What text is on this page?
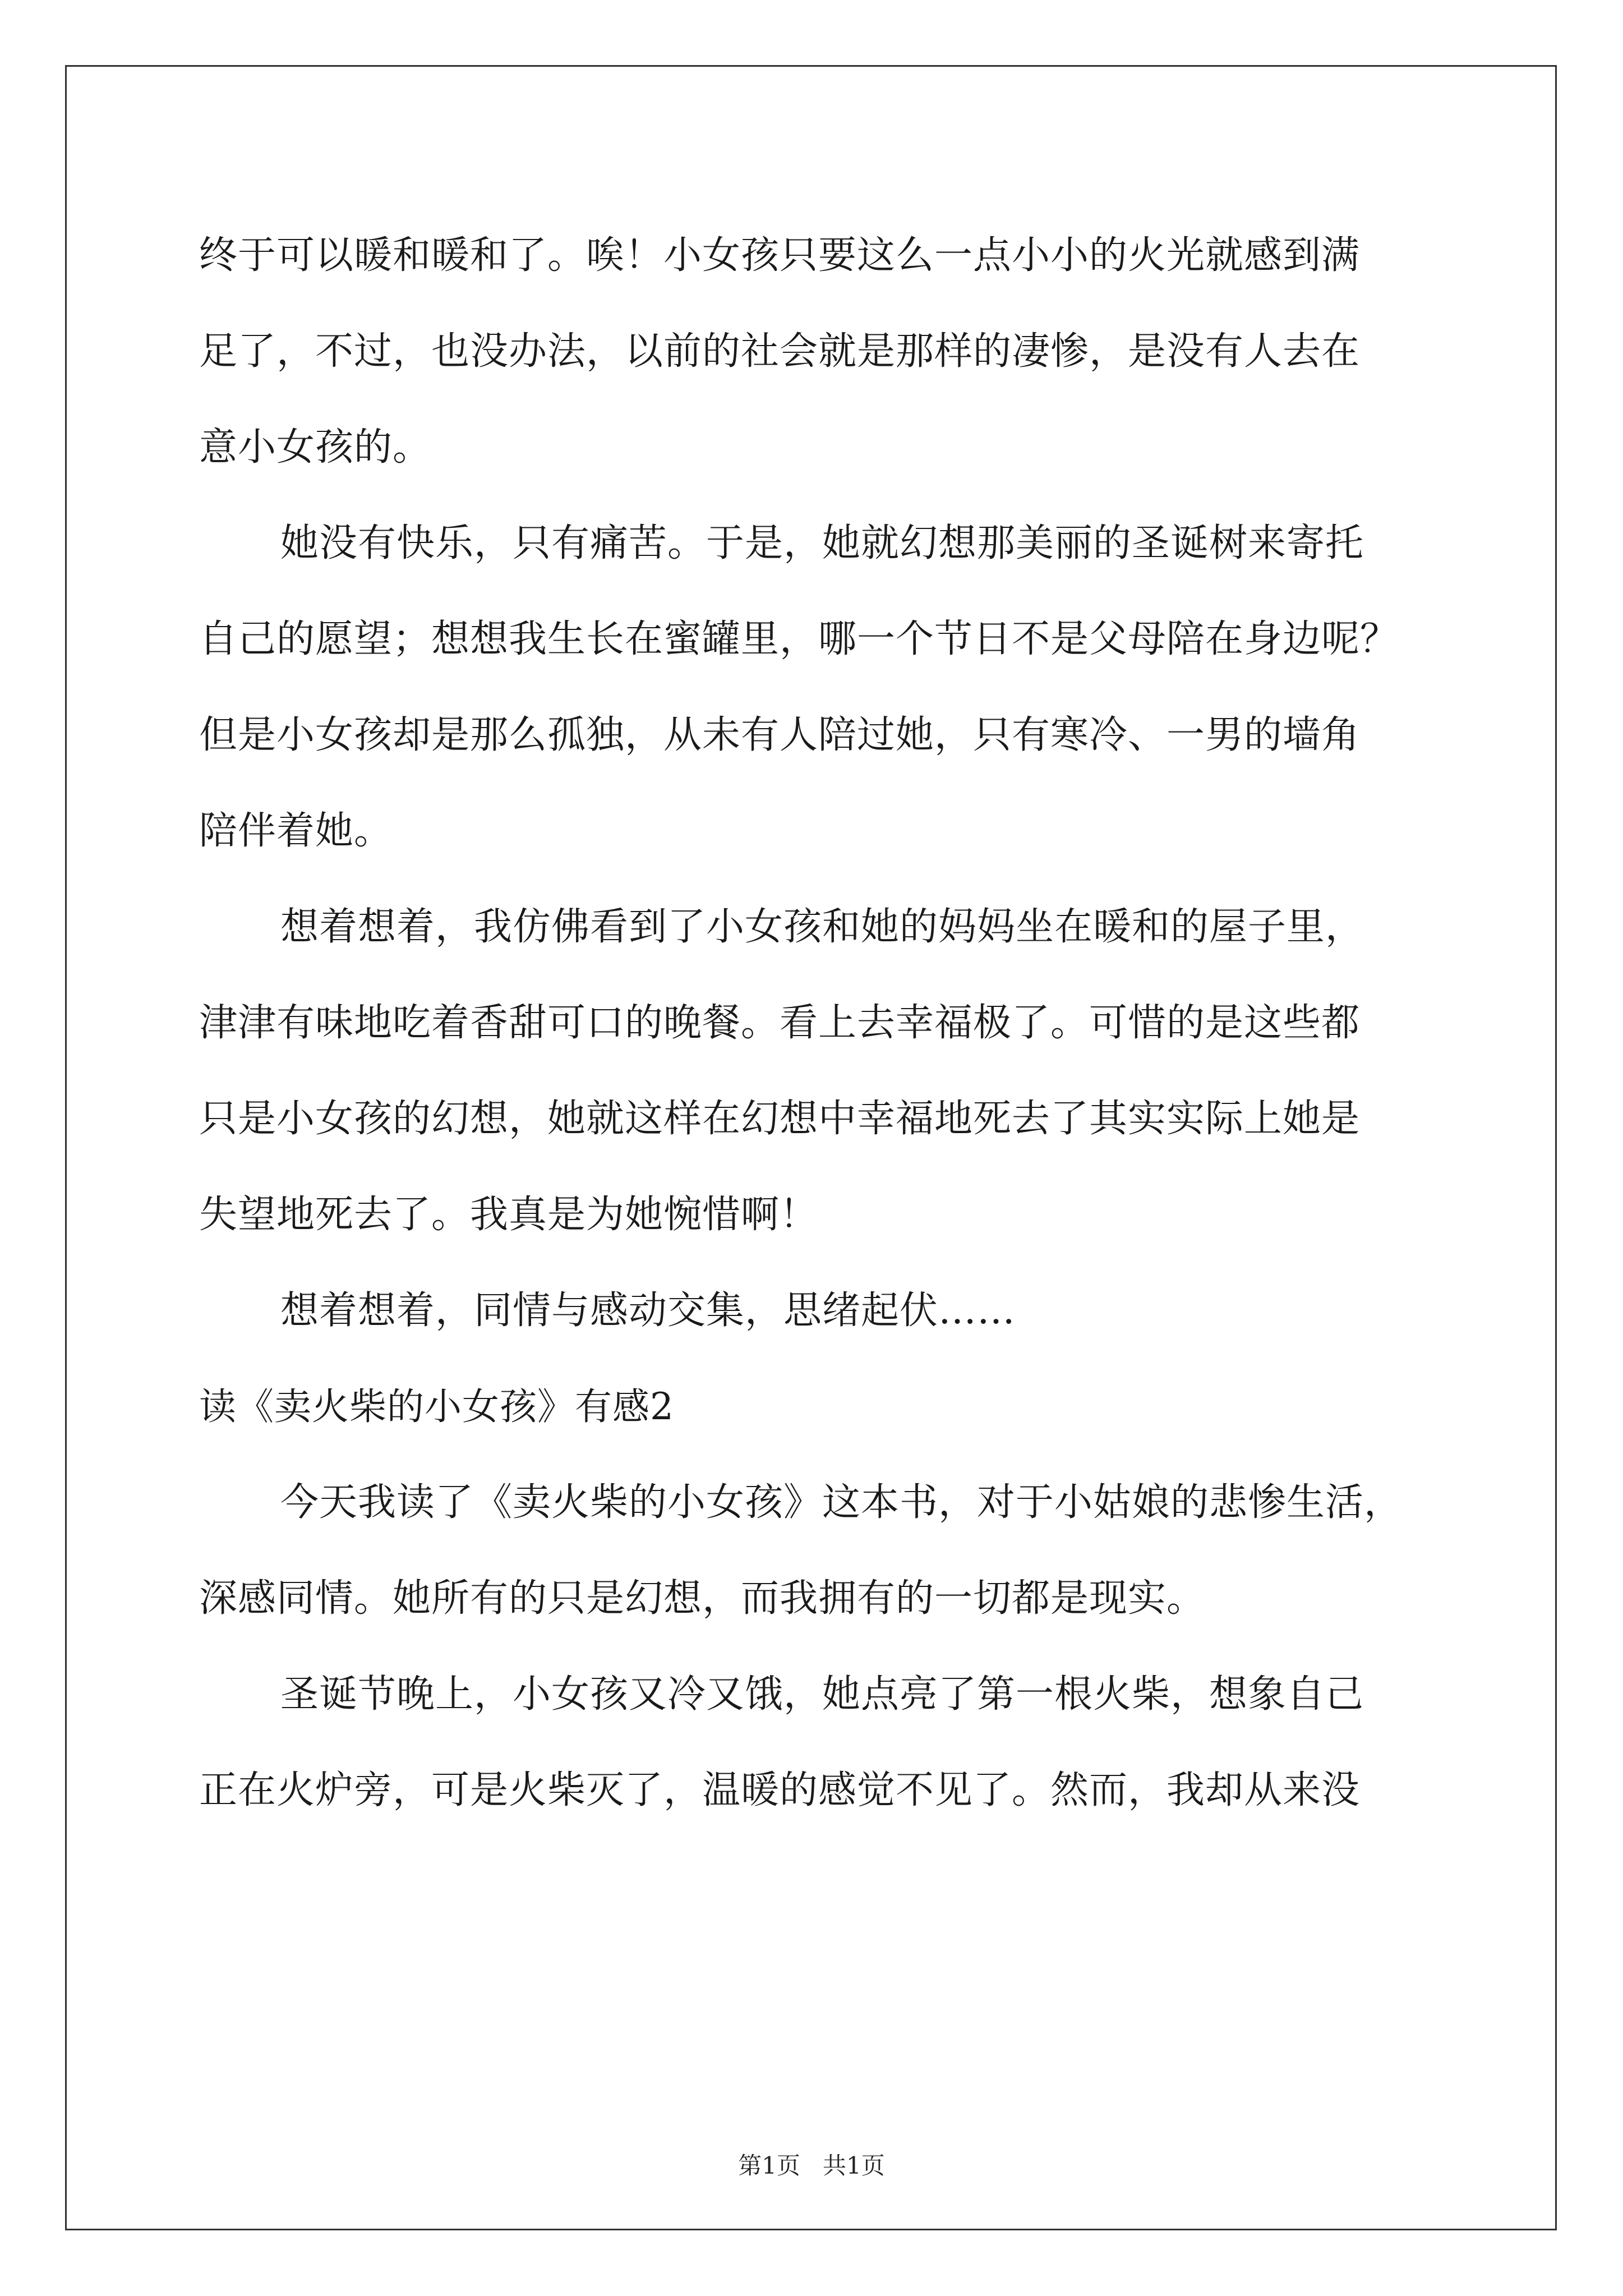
终于可以暖和暖和了。唉！小女孩只要这么一点小小的火光就感到满
足了，不过，也没办法，以前的社会就是那样的凄惨，是没有人去在
意小女孩的。
她没有快乐，只有痛苦。于是，她就幻想那美丽的圣诞树来寄托
自己的愿望；想想我生长在蜜罐里，哪一个节日不是父母陪在身边呢？
但是小女孩却是那么孤独，从未有人陪过她，只有寒冷、一男的墙角
陪伴着她。
想着想着，我仿佛看到了小女孩和她的妈妈坐在暖和的屋子里，
津津有味地吃着香甜可口的晚餐。看上去幸福极了。可惜的是这些都
只是小女孩的幻想，她就这样在幻想中幸福地死去了其实实际上她是
失望地死去了。我真是为她惋惜啊！
想着想着，同情与感动交集，思绪起伏……
读《卖火柴的小女孩》有感2
今天我读了《卖火柴的小女孩》这本书，对于小姑娘的悲惨生活，
深感同情。她所有的只是幻想，而我拥有的一切都是现实。
圣诞节晚上，小女孩又冷又饿，她点亮了第一根火柴，想象自己
正在火炉旁，可是火柴灭了，温暖的感觉不见了。然而，我却从来没
第1页 共1页
